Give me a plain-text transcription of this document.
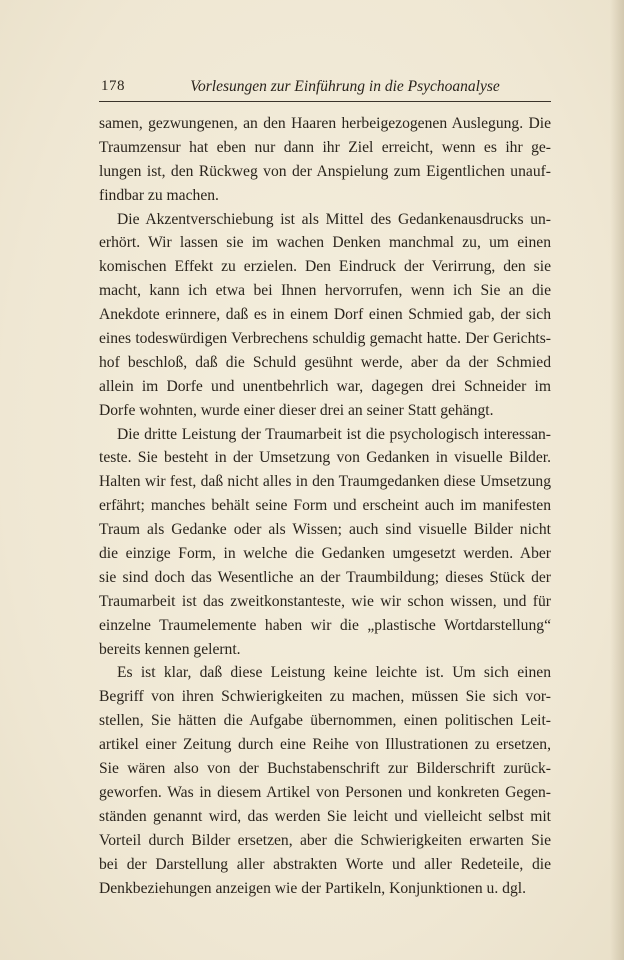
178	Vorlesungen zur Einführung in die Psychoanalyse
samen, gezwungenen, an den Haaren herbeigezogenen Auslegung. Die
Traumzensur hat eben nur dann ihr Ziel erreicht, wenn es ihr ge-
lungen ist, den Rückweg von der Anspielung zum Eigentlichen unauf-
findbar zu machen.
Die Akzentverschiebung ist als Mittel des Gedankenausdrucks un-
erhört. Wir lassen sie im wachen Denken manchmal zu, um einen
komischen Effekt zu erzielen. Den Eindruck der Verirrung, den sie
macht, kann ich etwa bei Ihnen hervorrufen, wenn ich Sie an die
Anekdote erinnere, daß es in einem Dorf einen Schmied gab, der sich
eines todeswürdigen Verbrechens schuldig gemacht hatte. Der Gerichts-
hof beschloß, daß die Schuld gesühnt werde, aber da der Schmied
allein im Dorfe und unentbehrlich war, dagegen drei Schneider im
Dorfe wohnten, wurde einer dieser drei an seiner Statt gehängt.
Die dritte Leistung der Traumarbeit ist die psychologisch interessan-
teste. Sie besteht in der Umsetzung von Gedanken in visuelle Bilder.
Halten wir fest, daß nicht alles in den Traumgedanken diese Umsetzung
erfährt; manches behält seine Form und erscheint auch im manifesten
Traum als Gedanke oder als Wissen; auch sind visuelle Bilder nicht
die einzige Form, in welche die Gedanken umgesetzt werden. Aber
sie sind doch das Wesentliche an der Traumbildung; dieses Stück der
Traumarbeit ist das zweitkonstanteste, wie wir schon wissen, und für
einzelne Traumelemente haben wir die „plastische Wortdarstellung“
bereits kennen gelernt.
Es ist klar, daß diese Leistung keine leichte ist. Um sich einen
Begriff von ihren Schwierigkeiten zu machen, müssen Sie sich vor-
stellen, Sie hätten die Aufgabe übernommen, einen politischen Leit-
artikel einer Zeitung durch eine Reihe von Illustrationen zu ersetzen,
Sie wären also von der Buchstabenschrift zur Bilderschrift zurück-
geworfen. Was in diesem Artikel von Personen und konkreten Gegen-
ständen genannt wird, das werden Sie leicht und vielleicht selbst mit
Vorteil durch Bilder ersetzen, aber die Schwierigkeiten erwarten Sie
bei der Darstellung aller abstrakten Worte und aller Redeteile, die
Denkbeziehungen anzeigen wie der Partikeln, Konjunktionen u. dgl.
